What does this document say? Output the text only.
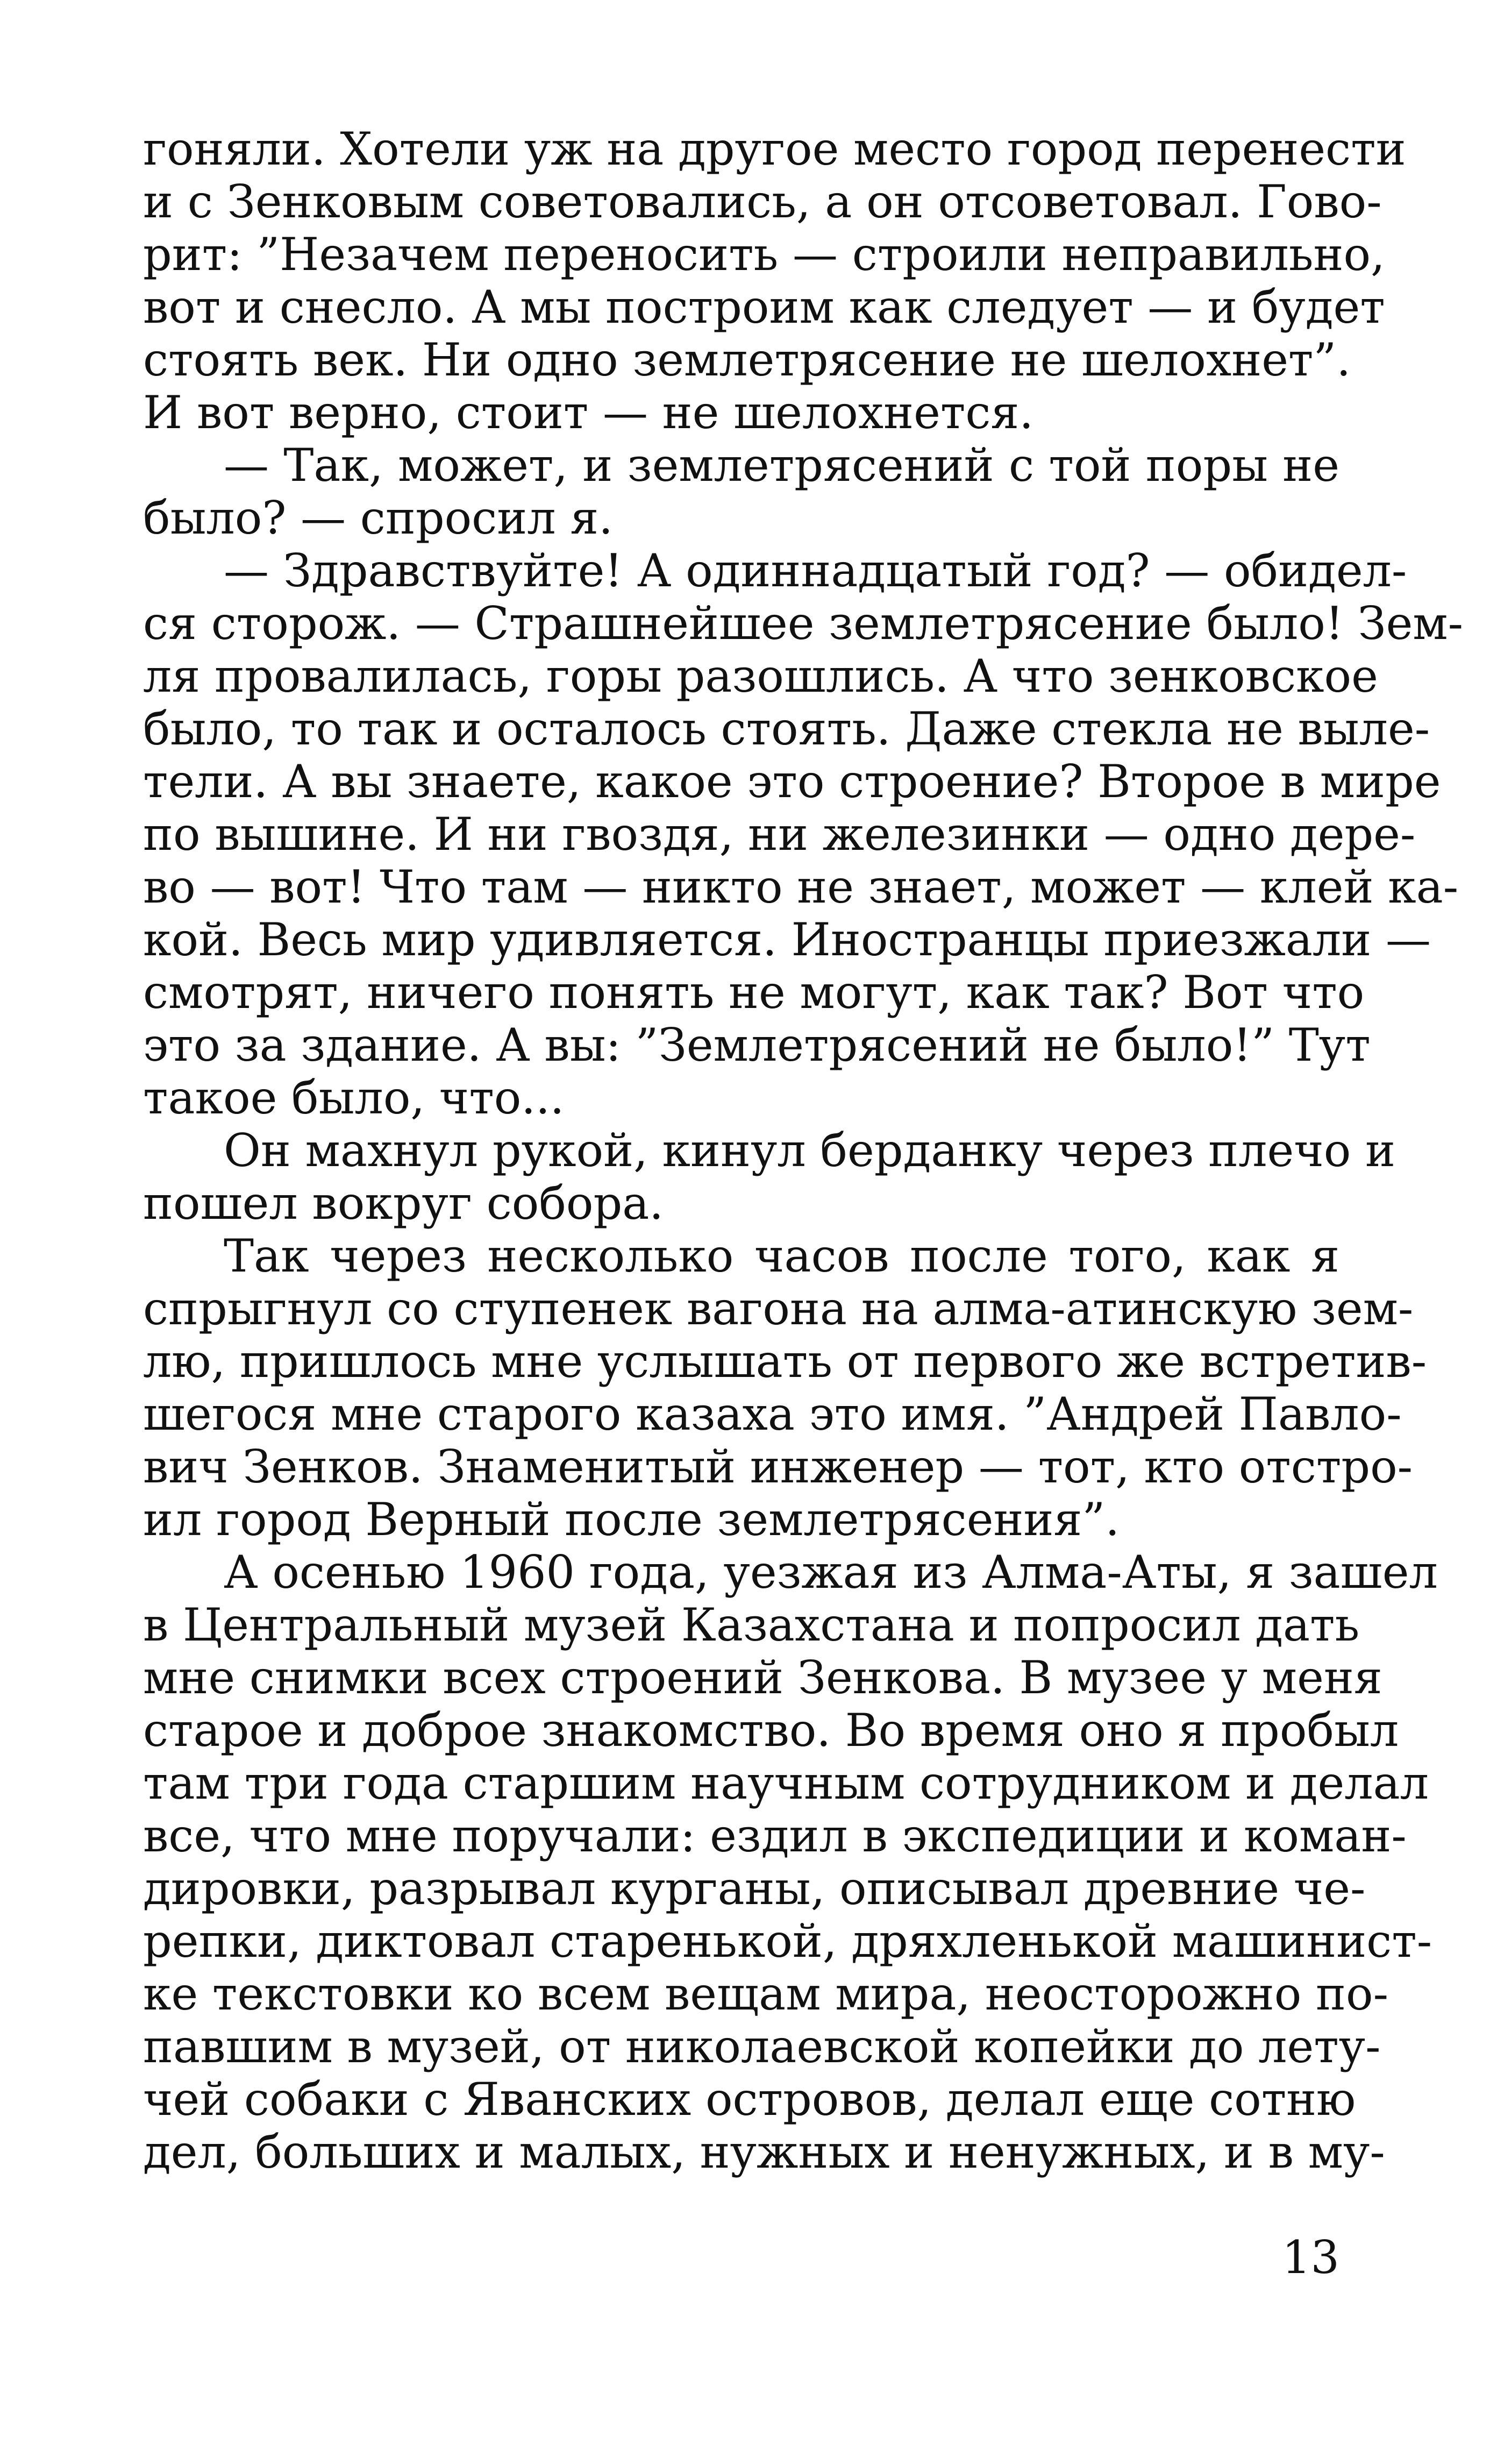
гоняли. Хотели уж на другое место город перенести
и с Зенковым советовались, а он отсоветовал. Гово-
рит: ”Незачем переносить — строили неправильно,
вот и снесло. А мы построим как следует — и будет
стоять век. Ни одно землетрясение не шелохнет”.
И вот верно, стоит — не шелохнется.
— Так, может, и землетрясений с той поры не
было? — спросил я.
— Здравствуйте! А одиннадцатый год? — обидел-
ся сторож. — Страшнейшее землетрясение было! Зем-
ля провалилась, горы разошлись. А что зенковское
было, то так и осталось стоять. Даже стекла не выле-
тели. А вы знаете, какое это строение? Второе в мире
по вышине. И ни гвоздя, ни железинки — одно дере-
во — вот! Что там — никто не знает, может — клей ка-
кой. Весь мир удивляется. Иностранцы приезжали —
смотрят, ничего понять не могут, как так? Вот что
это за здание. А вы: ”Землетрясений не было!” Тут
такое было, что...
Он махнул рукой, кинул берданку через плечо и
пошел вокруг собора.
Так через несколько часов после того, как я
спрыгнул со ступенек вагона на алма-атинскую зем-
лю, пришлось мне услышать от первого же встретив-
шегося мне старого казаха это имя. ”Андрей Павло-
вич Зенков. Знаменитый инженер — тот, кто отстро-
ил город Верный после землетрясения”.
А осенью 1960 года, уезжая из Алма-Аты, я зашел
в Центральный музей Казахстана и попросил дать
мне снимки всех строений Зенкова. В музее у меня
старое и доброе знакомство. Во время оно я пробыл
там три года старшим научным сотрудником и делал
все, что мне поручали: ездил в экспедиции и коман-
дировки, разрывал курганы, описывал древние че-
репки, диктовал старенькой, дряхленькой машинист-
ке текстовки ко всем вещам мира, неосторожно по-
павшим в музей, от николаевской копейки до лету-
чей собаки с Яванских островов, делал еще сотню
дел, больших и малых, нужных и ненужных, и в му-
13
